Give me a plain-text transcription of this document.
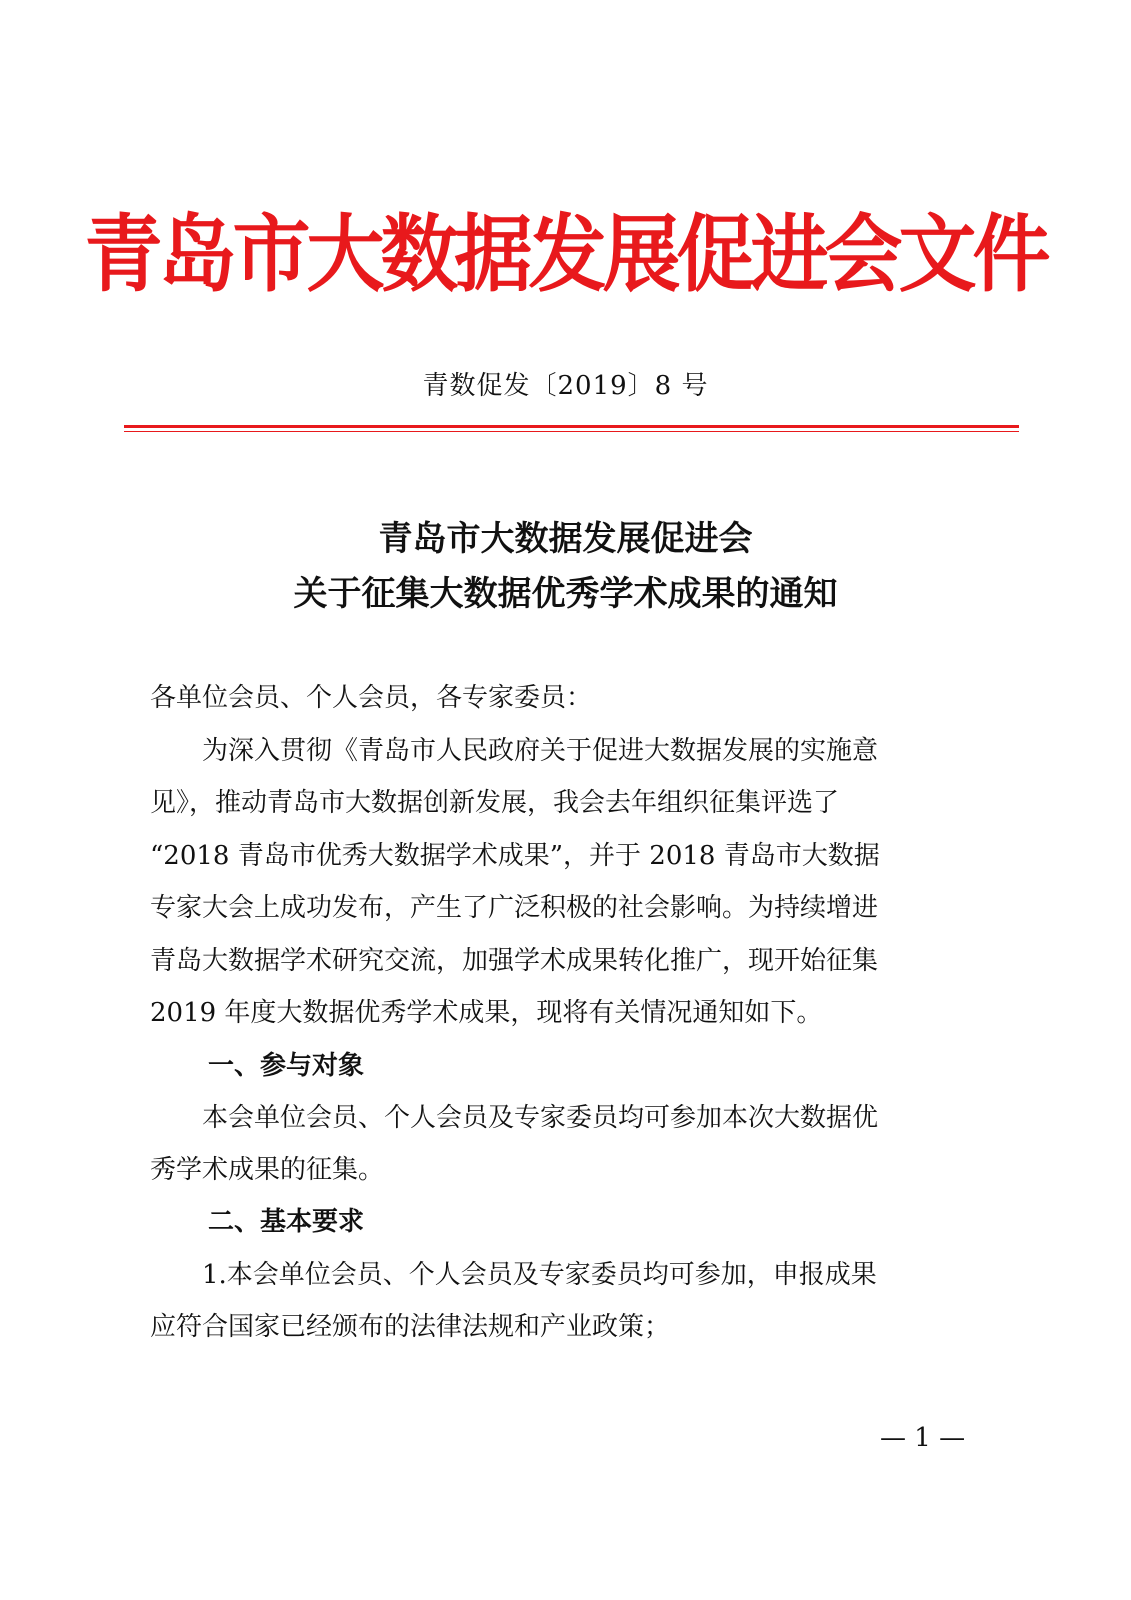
青岛市大数据发展促进会文件
青数促发〔2019〕8 号
青岛市大数据发展促进会
关于征集大数据优秀学术成果的通知
各单位会员、个人会员，各专家委员：
　　为深入贯彻《青岛市人民政府关于促进大数据发展的实施意
见》，推动青岛市大数据创新发展，我会去年组织征集评选了
“2018 青岛市优秀大数据学术成果”，并于 2018 青岛市大数据
专家大会上成功发布，产生了广泛积极的社会影响。为持续增进
青岛大数据学术研究交流，加强学术成果转化推广，现开始征集
2019 年度大数据优秀学术成果，现将有关情况通知如下。
一、参与对象
　　本会单位会员、个人会员及专家委员均可参加本次大数据优
秀学术成果的征集。
二、基本要求
　　1.本会单位会员、个人会员及专家委员均可参加，申报成果
应符合国家已经颁布的法律法规和产业政策；
— 1 —
